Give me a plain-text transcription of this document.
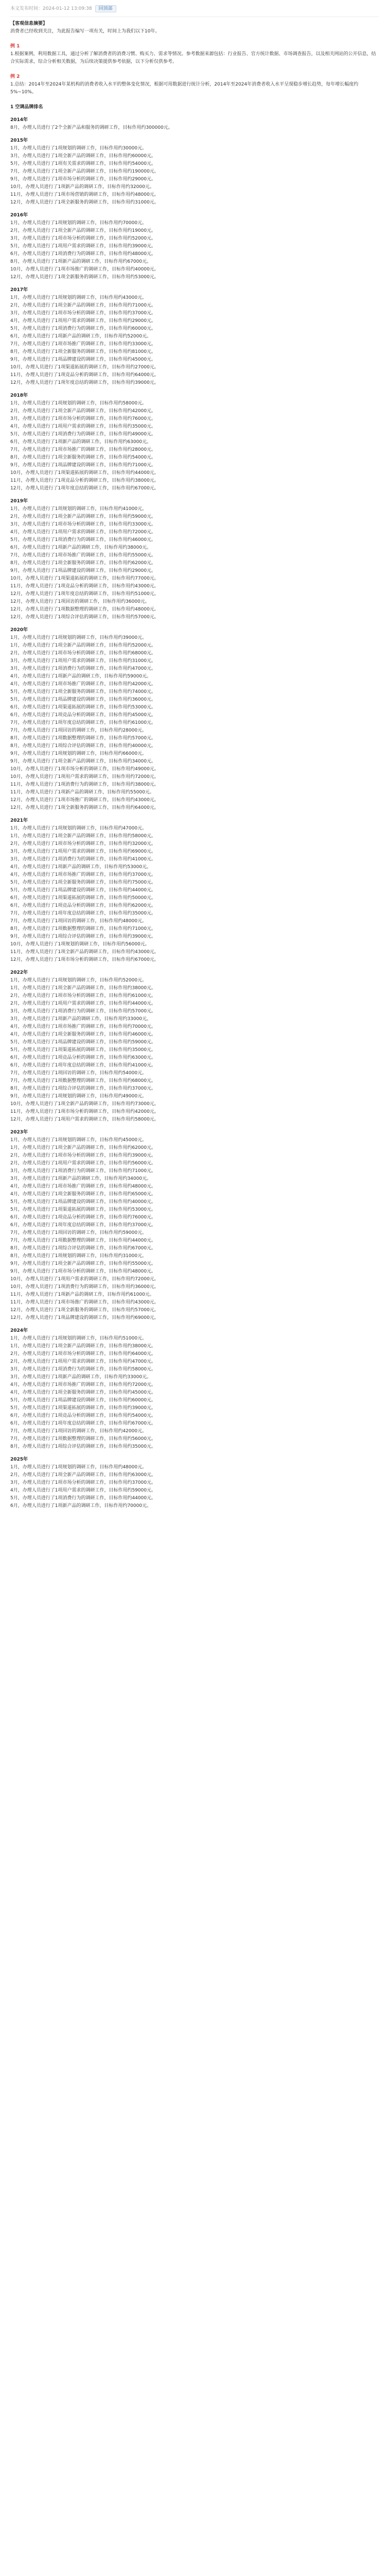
本文发布时间： 2024-01-12 13:09:38	回顶部
【客观信息摘要】
消费者已经收到关注，为此报告编写一项有关，时间上为我们以下10年。
例 1
1.根据案例，利用数据工具，通过分析了解消费者的消费习惯、购买力、需求等情况。参考数据来源包括：行业报告、官方统计数据、市场调查报告，以及相关网站的公开信息，结合实际需求，综合分析相关数据，为后续决策提供参考依据，以下分析仅供参考。
例 2
1.总结：2014年至2024年某机构的消费者收入水平的整体变化情况，根据可用数据进行统计分析，2014年至2024年消费者收入水平呈现稳步增长趋势，每年增长幅度约5%~10%。
1 空调品牌排名
2014年
8月，办理人员进行了2个全新产品和服务的调研工作，目标作用约300000元。
2015年
1月，办理人员进行了1项规划的调研工作，目标作用约30000元。
3月，办理人员进行了1项全新产品的调研工作，目标作用约60000元。
5月，办理人员进行了1项有关需求的调研工作，目标作用约54000元。
7月，办理人员进行了1项全新产品的调研工作，目标作用约190000元。
9月，办理人员进行了1项市场分析的调研工作，目标作用约29000元。
10月，办理人员进行了1项新产品的调研工作，目标作用约32000元。
11月，办理人员进行了1项市场营销的调研工作，目标作用约48000元。
12月，办理人员进行了1项全新服务的调研工作，目标作用约31000元。
2016年
1月，办理人员进行了1项规划的调研工作，目标作用约70000元。
2月，办理人员进行了1项全新产品的调研工作，目标作用约19000元。
3月，办理人员进行了1项市场分析的调研工作，目标作用约52000元。
5月，办理人员进行了1项用户需求的调研工作，目标作用约39000元。
6月，办理人员进行了1项消费行为的调研工作，目标作用约48000元。
8月，办理人员进行了1项新产品的调研工作，目标作用约67000元。
10月，办理人员进行了1项市场推广的调研工作，目标作用约40000元。
12月，办理人员进行了1项全新服务的调研工作，目标作用约53000元。
2017年
1月，办理人员进行了1项规划的调研工作，目标作用约43000元。
2月，办理人员进行了1项全新产品的调研工作，目标作用约71000元。
3月，办理人员进行了1项市场分析的调研工作，目标作用约37000元。
4月，办理人员进行了1项用户需求的调研工作，目标作用约29000元。
5月，办理人员进行了1项消费行为的调研工作，目标作用约60000元。
6月，办理人员进行了1项新产品的调研工作，目标作用约52000元。
7月，办理人员进行了1项市场推广的调研工作，目标作用约33000元。
8月，办理人员进行了1项全新服务的调研工作，目标作用约81000元。
9月，办理人员进行了1项品牌建设的调研工作，目标作用约45000元。
10月，办理人员进行了1项渠道拓展的调研工作，目标作用约27000元。
11月，办理人员进行了1项竞品分析的调研工作，目标作用约64000元。
12月，办理人员进行了1项年度总结的调研工作，目标作用约39000元。
2018年
1月，办理人员进行了1项规划的调研工作，目标作用约58000元。
2月，办理人员进行了1项全新产品的调研工作，目标作用约42000元。
3月，办理人员进行了1项市场分析的调研工作，目标作用约76000元。
4月，办理人员进行了1项用户需求的调研工作，目标作用约35000元。
5月，办理人员进行了1项消费行为的调研工作，目标作用约49000元。
6月，办理人员进行了1项新产品的调研工作，目标作用约63000元。
7月，办理人员进行了1项市场推广的调研工作，目标作用约28000元。
8月，办理人员进行了1项全新服务的调研工作，目标作用约54000元。
9月，办理人员进行了1项品牌建设的调研工作，目标作用约71000元。
10月，办理人员进行了1项渠道拓展的调研工作，目标作用约44000元。
11月，办理人员进行了1项竞品分析的调研工作，目标作用约38000元。
12月，办理人员进行了1项年度总结的调研工作，目标作用约67000元。
2019年
1月，办理人员进行了1项规划的调研工作，目标作用约41000元。
2月，办理人员进行了1项全新产品的调研工作，目标作用约59000元。
3月，办理人员进行了1项市场分析的调研工作，目标作用约33000元。
4月，办理人员进行了1项用户需求的调研工作，目标作用约72000元。
5月，办理人员进行了1项消费行为的调研工作，目标作用约46000元。
6月，办理人员进行了1项新产品的调研工作，目标作用约38000元。
7月，办理人员进行了1项市场推广的调研工作，目标作用约55000元。
8月，办理人员进行了1项全新服务的调研工作，目标作用约62000元。
9月，办理人员进行了1项品牌建设的调研工作，目标作用约29000元。
10月，办理人员进行了1项渠道拓展的调研工作，目标作用约77000元。
11月，办理人员进行了1项竞品分析的调研工作，目标作用约43000元。
12月，办理人员进行了1项年度总结的调研工作，目标作用约51000元。
12月，办理人员进行了1项回访的调研工作，目标作用约36000元。
12月，办理人员进行了1项数据整理的调研工作，目标作用约48000元。
12月，办理人员进行了1项综合评估的调研工作，目标作用约57000元。
2020年
1月，办理人员进行了1项规划的调研工作，目标作用约39000元。
1月，办理人员进行了1项全新产品的调研工作，目标作用约52000元。
2月，办理人员进行了1项市场分析的调研工作，目标作用约68000元。
3月，办理人员进行了1项用户需求的调研工作，目标作用约31000元。
3月，办理人员进行了1项消费行为的调研工作，目标作用约47000元。
4月，办理人员进行了1项新产品的调研工作，目标作用约59000元。
4月，办理人员进行了1项市场推广的调研工作，目标作用约42000元。
5月，办理人员进行了1项全新服务的调研工作，目标作用约74000元。
5月，办理人员进行了1项品牌建设的调研工作，目标作用约36000元。
6月，办理人员进行了1项渠道拓展的调研工作，目标作用约53000元。
6月，办理人员进行了1项竞品分析的调研工作，目标作用约45000元。
7月，办理人员进行了1项年度总结的调研工作，目标作用约61000元。
7月，办理人员进行了1项回访的调研工作，目标作用约28000元。
8月，办理人员进行了1项数据整理的调研工作，目标作用约57000元。
8月，办理人员进行了1项综合评估的调研工作，目标作用约40000元。
9月，办理人员进行了1项规划的调研工作，目标作用约66000元。
9月，办理人员进行了1项全新产品的调研工作，目标作用约34000元。
10月，办理人员进行了1项市场分析的调研工作，目标作用约49000元。
10月，办理人员进行了1项用户需求的调研工作，目标作用约72000元。
11月，办理人员进行了1项消费行为的调研工作，目标作用约38000元。
11月，办理人员进行了1项新产品的调研工作，目标作用约55000元。
12月，办理人员进行了1项市场推广的调研工作，目标作用约43000元。
12月，办理人员进行了1项全新服务的调研工作，目标作用约64000元。
2021年
1月，办理人员进行了1项规划的调研工作，目标作用约47000元。
1月，办理人员进行了1项全新产品的调研工作，目标作用约58000元。
2月，办理人员进行了1项市场分析的调研工作，目标作用约32000元。
3月，办理人员进行了1项用户需求的调研工作，目标作用约69000元。
3月，办理人员进行了1项消费行为的调研工作，目标作用约41000元。
4月，办理人员进行了1项新产品的调研工作，目标作用约53000元。
4月，办理人员进行了1项市场推广的调研工作，目标作用约37000元。
5月，办理人员进行了1项全新服务的调研工作，目标作用约75000元。
5月，办理人员进行了1项品牌建设的调研工作，目标作用约44000元。
6月，办理人员进行了1项渠道拓展的调研工作，目标作用约50000元。
6月，办理人员进行了1项竞品分析的调研工作，目标作用约62000元。
7月，办理人员进行了1项年度总结的调研工作，目标作用约35000元。
7月，办理人员进行了1项回访的调研工作，目标作用约48000元。
8月，办理人员进行了1项数据整理的调研工作，目标作用约71000元。
9月，办理人员进行了1项综合评估的调研工作，目标作用约39000元。
10月，办理人员进行了1项规划的调研工作，目标作用约56000元。
11月，办理人员进行了1项全新产品的调研工作，目标作用约43000元。
12月，办理人员进行了1项市场分析的调研工作，目标作用约67000元。
2022年
1月，办理人员进行了1项规划的调研工作，目标作用约52000元。
1月，办理人员进行了1项全新产品的调研工作，目标作用约38000元。
2月，办理人员进行了1项市场分析的调研工作，目标作用约61000元。
2月，办理人员进行了1项用户需求的调研工作，目标作用约44000元。
3月，办理人员进行了1项消费行为的调研工作，目标作用约57000元。
3月，办理人员进行了1项新产品的调研工作，目标作用约33000元。
4月，办理人员进行了1项市场推广的调研工作，目标作用约70000元。
4月，办理人员进行了1项全新服务的调研工作，目标作用约46000元。
5月，办理人员进行了1项品牌建设的调研工作，目标作用约59000元。
5月，办理人员进行了1项渠道拓展的调研工作，目标作用约35000元。
6月，办理人员进行了1项竞品分析的调研工作，目标作用约63000元。
6月，办理人员进行了1项年度总结的调研工作，目标作用约41000元。
7月，办理人员进行了1项回访的调研工作，目标作用约54000元。
7月，办理人员进行了1项数据整理的调研工作，目标作用约68000元。
8月，办理人员进行了1项综合评估的调研工作，目标作用约37000元。
9月，办理人员进行了1项规划的调研工作，目标作用约49000元。
10月，办理人员进行了1项全新产品的调研工作，目标作用约73000元。
11月，办理人员进行了1项市场分析的调研工作，目标作用约42000元。
12月，办理人员进行了1项用户需求的调研工作，目标作用约58000元。
2023年
1月，办理人员进行了1项规划的调研工作，目标作用约45000元。
1月，办理人员进行了1项全新产品的调研工作，目标作用约62000元。
2月，办理人员进行了1项市场分析的调研工作，目标作用约39000元。
2月，办理人员进行了1项用户需求的调研工作，目标作用约56000元。
3月，办理人员进行了1项消费行为的调研工作，目标作用约71000元。
3月，办理人员进行了1项新产品的调研工作，目标作用约34000元。
4月，办理人员进行了1项市场推广的调研工作，目标作用约48000元。
4月，办理人员进行了1项全新服务的调研工作，目标作用约65000元。
5月，办理人员进行了1项品牌建设的调研工作，目标作用约40000元。
5月，办理人员进行了1项渠道拓展的调研工作，目标作用约53000元。
6月，办理人员进行了1项竞品分析的调研工作，目标作用约76000元。
6月，办理人员进行了1项年度总结的调研工作，目标作用约37000元。
7月，办理人员进行了1项回访的调研工作，目标作用约59000元。
7月，办理人员进行了1项数据整理的调研工作，目标作用约44000元。
8月，办理人员进行了1项综合评估的调研工作，目标作用约67000元。
8月，办理人员进行了1项规划的调研工作，目标作用约31000元。
9月，办理人员进行了1项全新产品的调研工作，目标作用约55000元。
9月，办理人员进行了1项市场分析的调研工作，目标作用约48000元。
10月，办理人员进行了1项用户需求的调研工作，目标作用约72000元。
10月，办理人员进行了1项消费行为的调研工作，目标作用约36000元。
11月，办理人员进行了1项新产品的调研工作，目标作用约61000元。
11月，办理人员进行了1项市场推广的调研工作，目标作用约43000元。
12月，办理人员进行了1项全新服务的调研工作，目标作用约57000元。
12月，办理人员进行了1项品牌建设的调研工作，目标作用约69000元。
2024年
1月，办理人员进行了1项规划的调研工作，目标作用约51000元。
1月，办理人员进行了1项全新产品的调研工作，目标作用约38000元。
2月，办理人员进行了1项市场分析的调研工作，目标作用约64000元。
2月，办理人员进行了1项用户需求的调研工作，目标作用约47000元。
3月，办理人员进行了1项消费行为的调研工作，目标作用约58000元。
3月，办理人员进行了1项新产品的调研工作，目标作用约33000元。
4月，办理人员进行了1项市场推广的调研工作，目标作用约72000元。
4月，办理人员进行了1项全新服务的调研工作，目标作用约45000元。
5月，办理人员进行了1项品牌建设的调研工作，目标作用约60000元。
5月，办理人员进行了1项渠道拓展的调研工作，目标作用约39000元。
6月，办理人员进行了1项竞品分析的调研工作，目标作用约54000元。
6月，办理人员进行了1项年度总结的调研工作，目标作用约67000元。
7月，办理人员进行了1项回访的调研工作，目标作用约42000元。
7月，办理人员进行了1项数据整理的调研工作，目标作用约56000元。
8月，办理人员进行了1项综合评估的调研工作，目标作用约35000元。
2025年
1月，办理人员进行了1项规划的调研工作，目标作用约48000元。
2月，办理人员进行了1项全新产品的调研工作，目标作用约63000元。
3月，办理人员进行了1项市场分析的调研工作，目标作用约37000元。
4月，办理人员进行了1项用户需求的调研工作，目标作用约59000元。
5月，办理人员进行了1项消费行为的调研工作，目标作用约44000元。
6月，办理人员进行了1项新产品的调研工作，目标作用约70000元。
